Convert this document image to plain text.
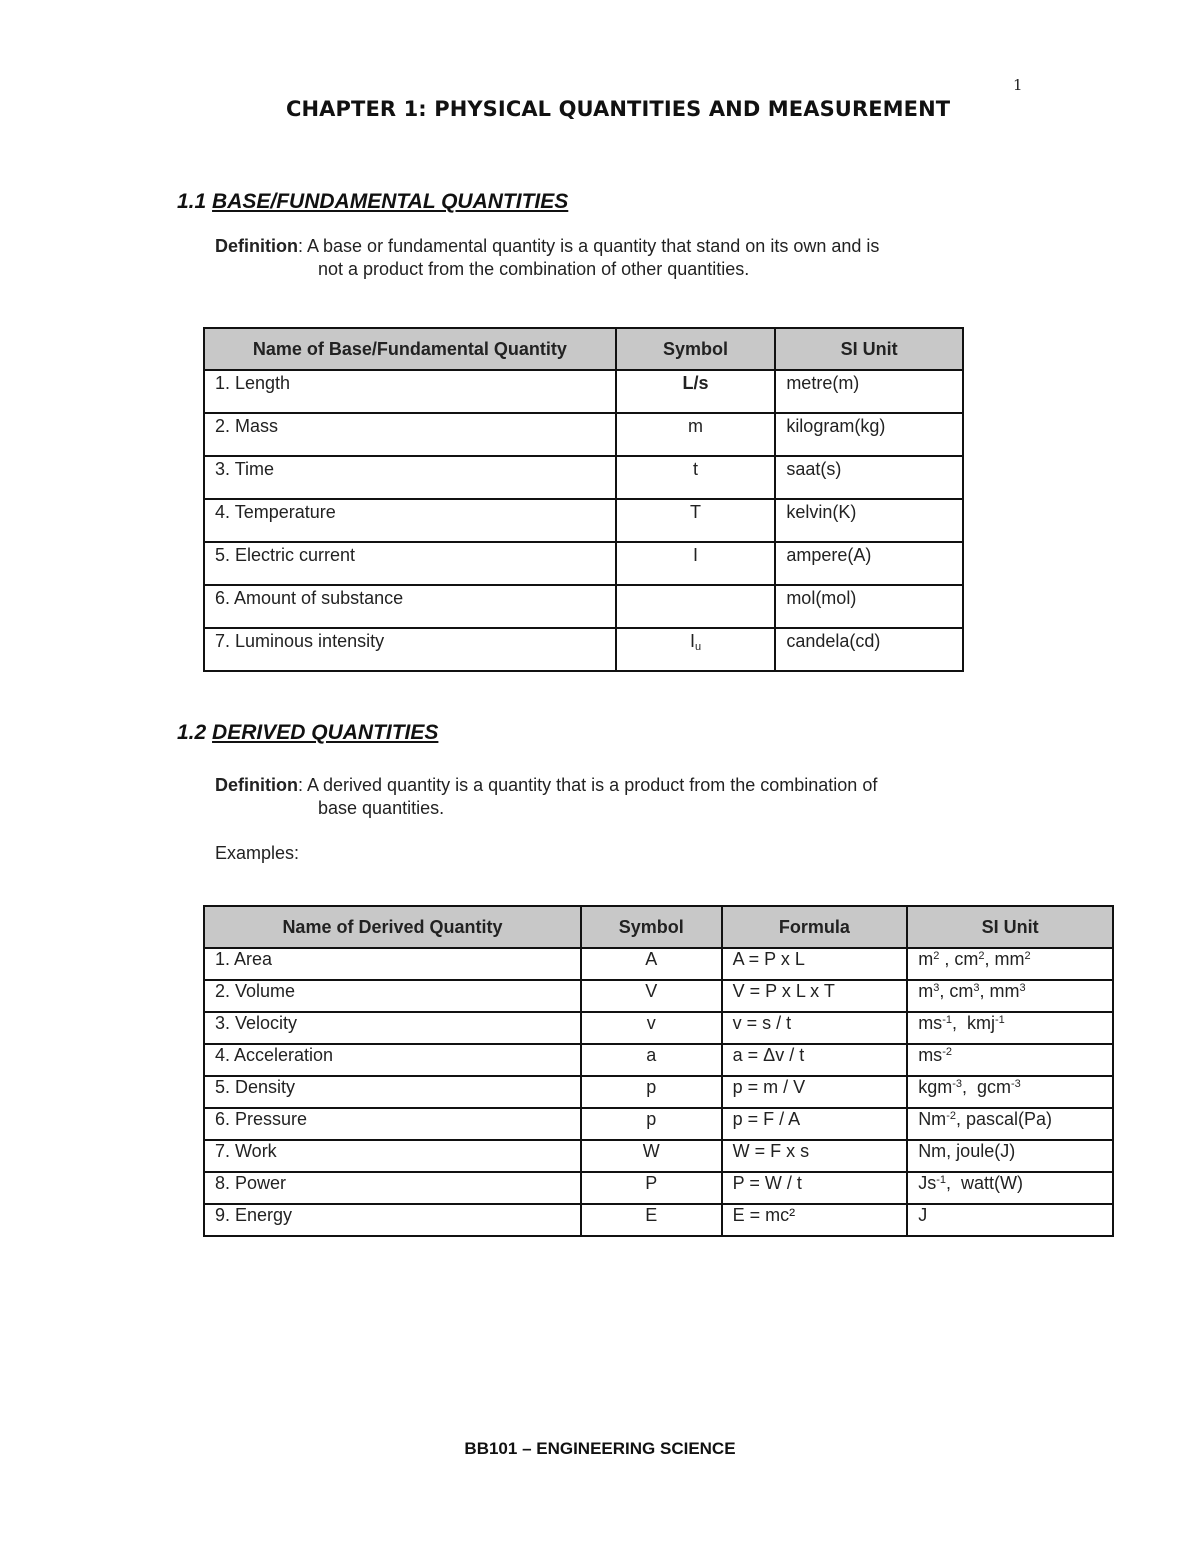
1
CHAPTER 1: PHYSICAL QUANTITIES AND MEASUREMENT
1.1 BASE/FUNDAMENTAL QUANTITIES
Definition: A base or fundamental quantity is a quantity that stand on its own and is
not a product from the combination of other quantities.
Name of Base/Fundamental Quantity	Symbol	SI Unit
1. Length	L/s	metre(m)
2. Mass	m	kilogram(kg)
3. Time	t	saat(s)
4. Temperature	T	kelvin(K)
5. Electric current	I	ampere(A)
6. Amount of substance		mol(mol)
7. Luminous intensity	$I_u$	candela(cd)
1.2 DERIVED QUANTITIES
Definition: A derived quantity is a quantity that is a product from the combination of
base quantities.
Examples:
Name of Derived Quantity	Symbol	Formula	SI Unit
1. Area	A	A = P x L	$m^2$ , $cm^2$, $mm^2$
2. Volume	V	V = P x L x T	$m^3$, $cm^3$, $mm^3$
3. Velocity	v	v = s / t	$ms^{-1}$,  kmj$^{-1}$
4. Acceleration	a	a = Δv / t	$ms^{-2}$
5. Density	p	p = m / V	kgm$^{-3}$,  gcm$^{-3}$
6. Pressure	p	p = F / A	$Nm^{-2}$, pascal(Pa)
7. Work	W	W = F x s	Nm, joule(J)
8. Power	P	P = W / t	$Js^{-1}$,  watt(W)
9. Energy	E	E = mc²	J
BB101 – ENGINEERING SCIENCE
